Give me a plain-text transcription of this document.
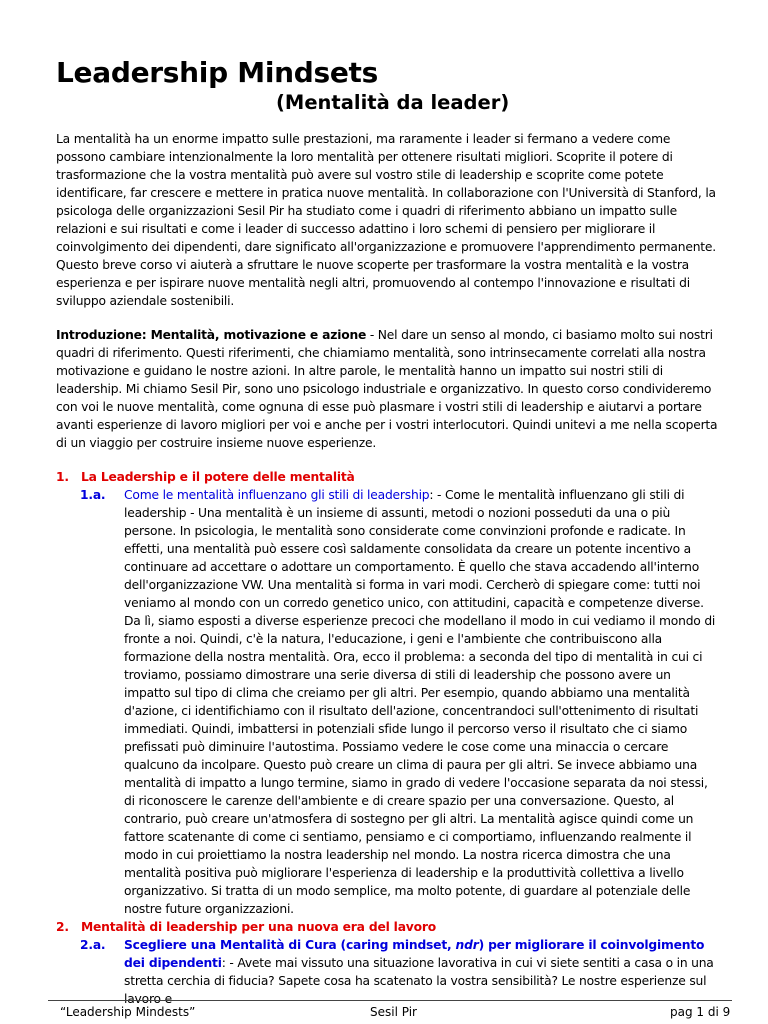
Leadership Mindsets
(Mentalità da leader)

La mentalità ha un enorme impatto sulle prestazioni, ma raramente i leader si fermano a vedere come possono cambiare intenzionalmente la loro mentalità per ottenere risultati migliori. Scoprite il potere di trasformazione che la vostra mentalità può avere sul vostro stile di leadership e scoprite come potete identificare, far crescere e mettere in pratica nuove mentalità. In collaborazione con l'Università di Stanford, la psicologa delle organizzazioni Sesil Pir ha studiato come i quadri di riferimento abbiano un impatto sulle relazioni e sui risultati e come i leader di successo adattino i loro schemi di pensiero per migliorare il coinvolgimento dei dipendenti, dare significato all'organizzazione e promuovere l'apprendimento permanente. Questo breve corso vi aiuterà a sfruttare le nuove scoperte per trasformare la vostra mentalità e la vostra esperienza e per ispirare nuove mentalità negli altri, promuovendo al contempo l'innovazione e risultati di sviluppo aziendale sostenibili.

Introduzione: Mentalità, motivazione e azione - Nel dare un senso al mondo, ci basiamo molto sui nostri quadri di riferimento. Questi riferimenti, che chiamiamo mentalità, sono intrinsecamente correlati alla nostra motivazione e guidano le nostre azioni. In altre parole, le mentalità hanno un impatto sui nostri stili di leadership. Mi chiamo Sesil Pir, sono uno psicologo industriale e organizzativo. In questo corso condivideremo con voi le nuove mentalità, come ognuna di esse può plasmare i vostri stili di leadership e aiutarvi a portare avanti esperienze di lavoro migliori per voi e anche per i vostri interlocutori. Quindi unitevi a me nella scoperta di un viaggio per costruire insieme nuove esperienze.

1. La Leadership e il potere delle mentalità
1.a. Come le mentalità influenzano gli stili di leadership: - Come le mentalità influenzano gli stili di leadership - Una mentalità è un insieme di assunti, metodi o nozioni posseduti da una o più persone. In psicologia, le mentalità sono considerate come convinzioni profonde e radicate. In effetti, una mentalità può essere così saldamente consolidata da creare un potente incentivo a continuare ad accettare o adottare un comportamento. È quello che stava accadendo all'interno dell'organizzazione VW. Una mentalità si forma in vari modi. Cercherò di spiegare come: tutti noi veniamo al mondo con un corredo genetico unico, con attitudini, capacità e competenze diverse. Da lì, siamo esposti a diverse esperienze precoci che modellano il modo in cui vediamo il mondo di fronte a noi. Quindi, c'è la natura, l'educazione, i geni e l'ambiente che contribuiscono alla formazione della nostra mentalità. Ora, ecco il problema: a seconda del tipo di mentalità in cui ci troviamo, possiamo dimostrare una serie diversa di stili di leadership che possono avere un impatto sul tipo di clima che creiamo per gli altri. Per esempio, quando abbiamo una mentalità d'azione, ci identifichiamo con il risultato dell'azione, concentrandoci sull'ottenimento di risultati immediati. Quindi, imbattersi in potenziali sfide lungo il percorso verso il risultato che ci siamo prefissati può diminuire l'autostima. Possiamo vedere le cose come una minaccia o cercare qualcuno da incolpare. Questo può creare un clima di paura per gli altri. Se invece abbiamo una mentalità di impatto a lungo termine, siamo in grado di vedere l'occasione separata da noi stessi, di riconoscere le carenze dell'ambiente e di creare spazio per una conversazione. Questo, al contrario, può creare un'atmosfera di sostegno per gli altri. La mentalità agisce quindi come un fattore scatenante di come ci sentiamo, pensiamo e ci comportiamo, influenzando realmente il modo in cui proiettiamo la nostra leadership nel mondo. La nostra ricerca dimostra che una mentalità positiva può migliorare l'esperienza di leadership e la produttività collettiva a livello organizzativo. Si tratta di un modo semplice, ma molto potente, di guardare al potenziale delle nostre future organizzazioni.
2. Mentalità di leadership per una nuova era del lavoro
2.a. Scegliere una Mentalità di Cura (caring mindset, ndr) per migliorare il coinvolgimento dei dipendenti: - Avete mai vissuto una situazione lavorativa in cui vi siete sentiti a casa o in una stretta cerchia di fiducia? Sapete cosa ha scatenato la vostra sensibilità? Le nostre esperienze sul lavoro e
“Leadership Mindests”	Sesil Pir	pag 1 di 9
